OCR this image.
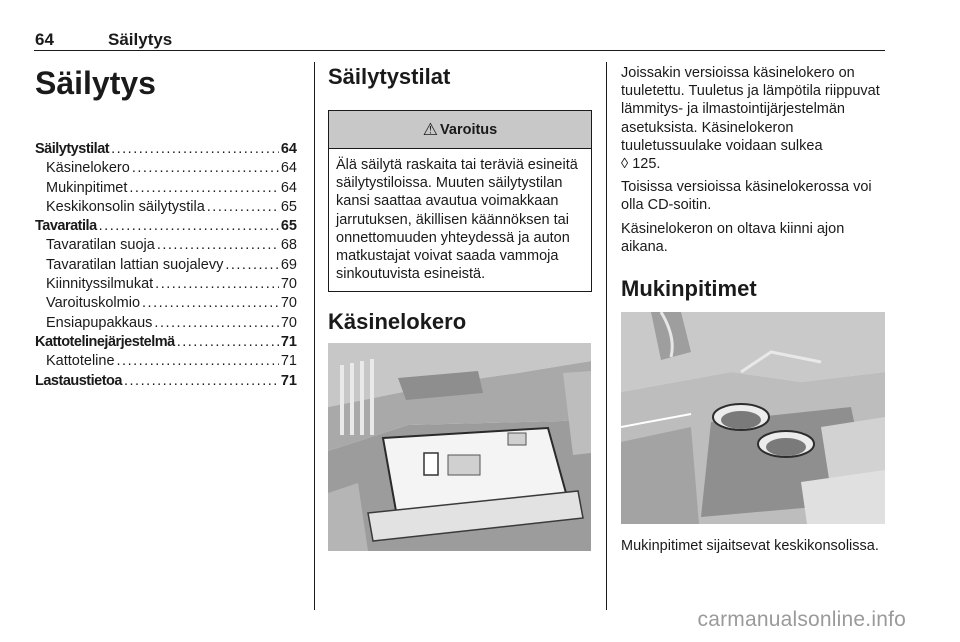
64	Säilytys
Säilytys
Säilytystilat .....	64
Käsinelokero .....	64
Mukinpitimet .....	64
Keskikonsolin säilytystila .....	65
Tavaratila .....	65
Tavaratilan suoja .....	68
Tavaratilan lattian suojalevy .....	69
Kiinnityssilmukat .....	70
Varoituskolmio .....	70
Ensiapupakkaus .....	70
Kattotelinejärjestelmä .....	71
Kattoteline .....	71
Lastaustietoa .....	71
Säilytystilat
⚠ Varoitus
Älä säilytä raskaita tai teräviä esineitä säilytystiloissa. Muuten säilytystilan kansi saattaa avautua voimakkaan jarrutuksen, äkillisen käännöksen tai onnettomuuden yhteydessä ja auton matkustajat voivat saada vammoja sinkoutuvista esineistä.
Käsinelokero

Joissakin versioissa käsinelokero on tuuletettu. Tuuletus ja lämpötila riippuvat lämmitys- ja ilmastointijärjestelmän asetuksista. Käsinelokeron tuuletussuulake voidaan sulkea
◊ 125.

Toisissa versioissa käsinelokerossa voi olla CD-soitin.

Käsinelokeron on oltava kiinni ajon aikana.

Mukinpitimet

Mukinpitimet sijaitsevat keskikonsolissa.

carmanualsonline.info
